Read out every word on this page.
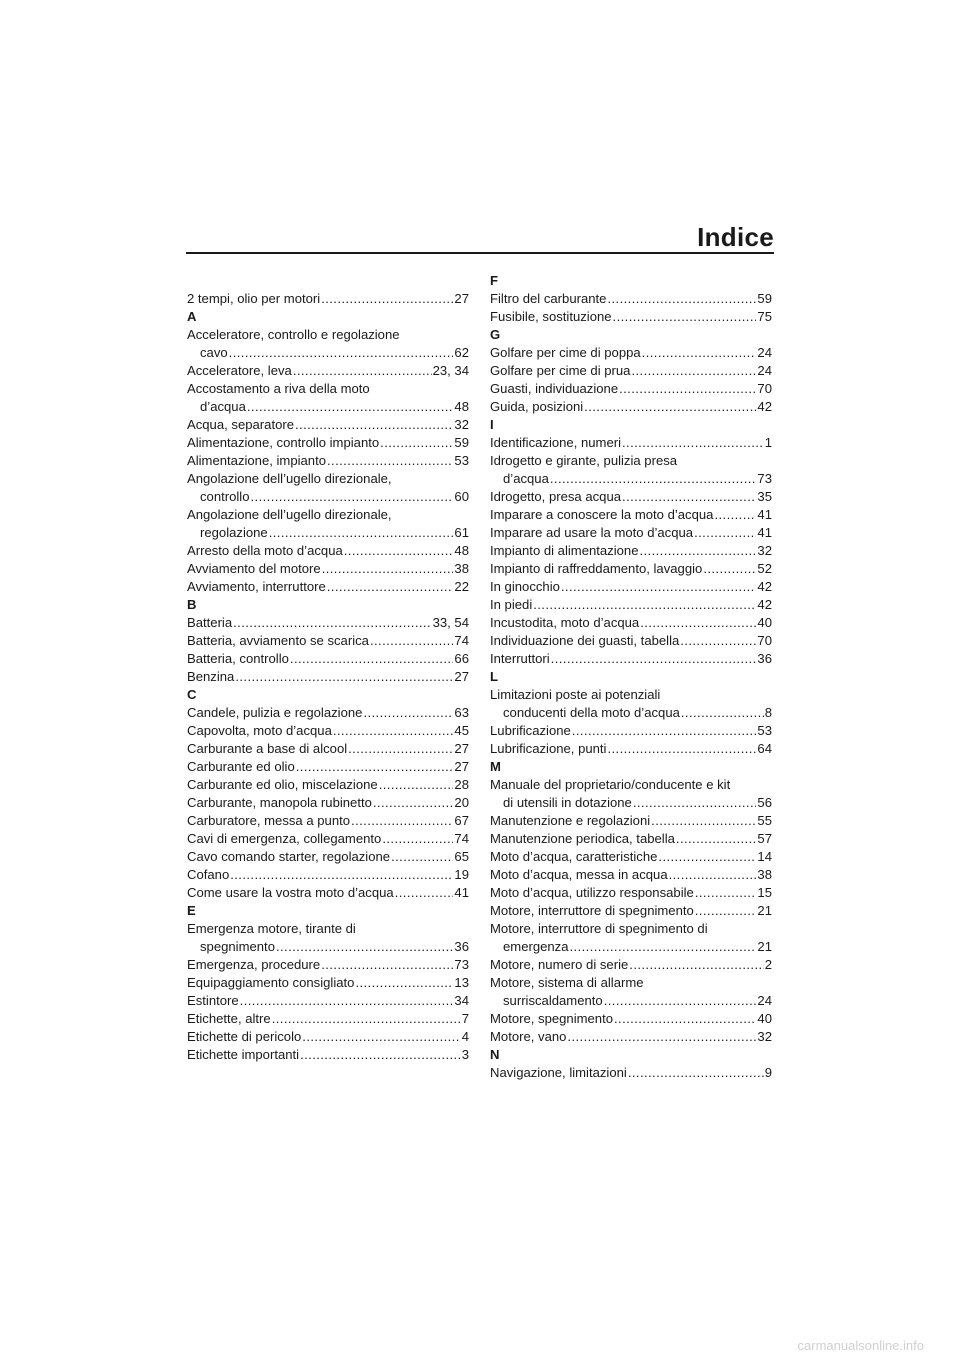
Indice
2 tempi, olio per motori .....	27
A
Acceleratore, controllo e regolazione
cavo .....	62
Acceleratore, leva .....	23, 34
Accostamento a riva della moto
d’acqua .....	48
Acqua, separatore .....	32
Alimentazione, controllo impianto .....	59
Alimentazione, impianto .....	53
Angolazione dell’ugello direzionale,
controllo .....	60
Angolazione dell’ugello direzionale,
regolazione .....	61
Arresto della moto d’acqua .....	48
Avviamento del motore .....	38
Avviamento, interruttore .....	22
B
Batteria .....	33, 54
Batteria, avviamento se scarica .....	74
Batteria, controllo .....	66
Benzina .....	27
C
Candele, pulizia e regolazione .....	63
Capovolta, moto d’acqua .....	45
Carburante a base di alcool .....	27
Carburante ed olio .....	27
Carburante ed olio, miscelazione .....	28
Carburante, manopola rubinetto .....	20
Carburatore, messa a punto .....	67
Cavi di emergenza, collegamento .....	74
Cavo comando starter, regolazione .....	65
Cofano .....	19
Come usare la vostra moto d’acqua .....	41
E
Emergenza motore, tirante di
spegnimento .....	36
Emergenza, procedure .....	73
Equipaggiamento consigliato .....	13
Estintore .....	34
Etichette, altre .....	7
Etichette di pericolo .....	4
Etichette importanti .....	3
F
Filtro del carburante .....	59
Fusibile, sostituzione .....	75
G
Golfare per cime di poppa .....	24
Golfare per cime di prua .....	24
Guasti, individuazione .....	70
Guida, posizioni .....	42
I
Identificazione, numeri .....	1
Idrogetto e girante, pulizia presa
d’acqua .....	73
Idrogetto, presa acqua .....	35
Imparare a conoscere la moto d’acqua .....	41
Imparare ad usare la moto d’acqua .....	41
Impianto di alimentazione .....	32
Impianto di raffreddamento, lavaggio .....	52
In ginocchio .....	42
In piedi .....	42
Incustodita, moto d’acqua .....	40
Individuazione dei guasti, tabella .....	70
Interruttori .....	36
L
Limitazioni poste ai potenziali
conducenti della moto d’acqua .....	8
Lubrificazione .....	53
Lubrificazione, punti .....	64
M
Manuale del proprietario/conducente e kit
di utensili in dotazione .....	56
Manutenzione e regolazioni .....	55
Manutenzione periodica, tabella .....	57
Moto d’acqua, caratteristiche .....	14
Moto d’acqua, messa in acqua .....	38
Moto d’acqua, utilizzo responsabile .....	15
Motore, interruttore di spegnimento .....	21
Motore, interruttore di spegnimento di
emergenza .....	21
Motore, numero di serie .....	2
Motore, sistema di allarme
surriscaldamento .....	24
Motore, spegnimento .....	40
Motore, vano .....	32
N
Navigazione, limitazioni .....	9
carmanualsonline.info
